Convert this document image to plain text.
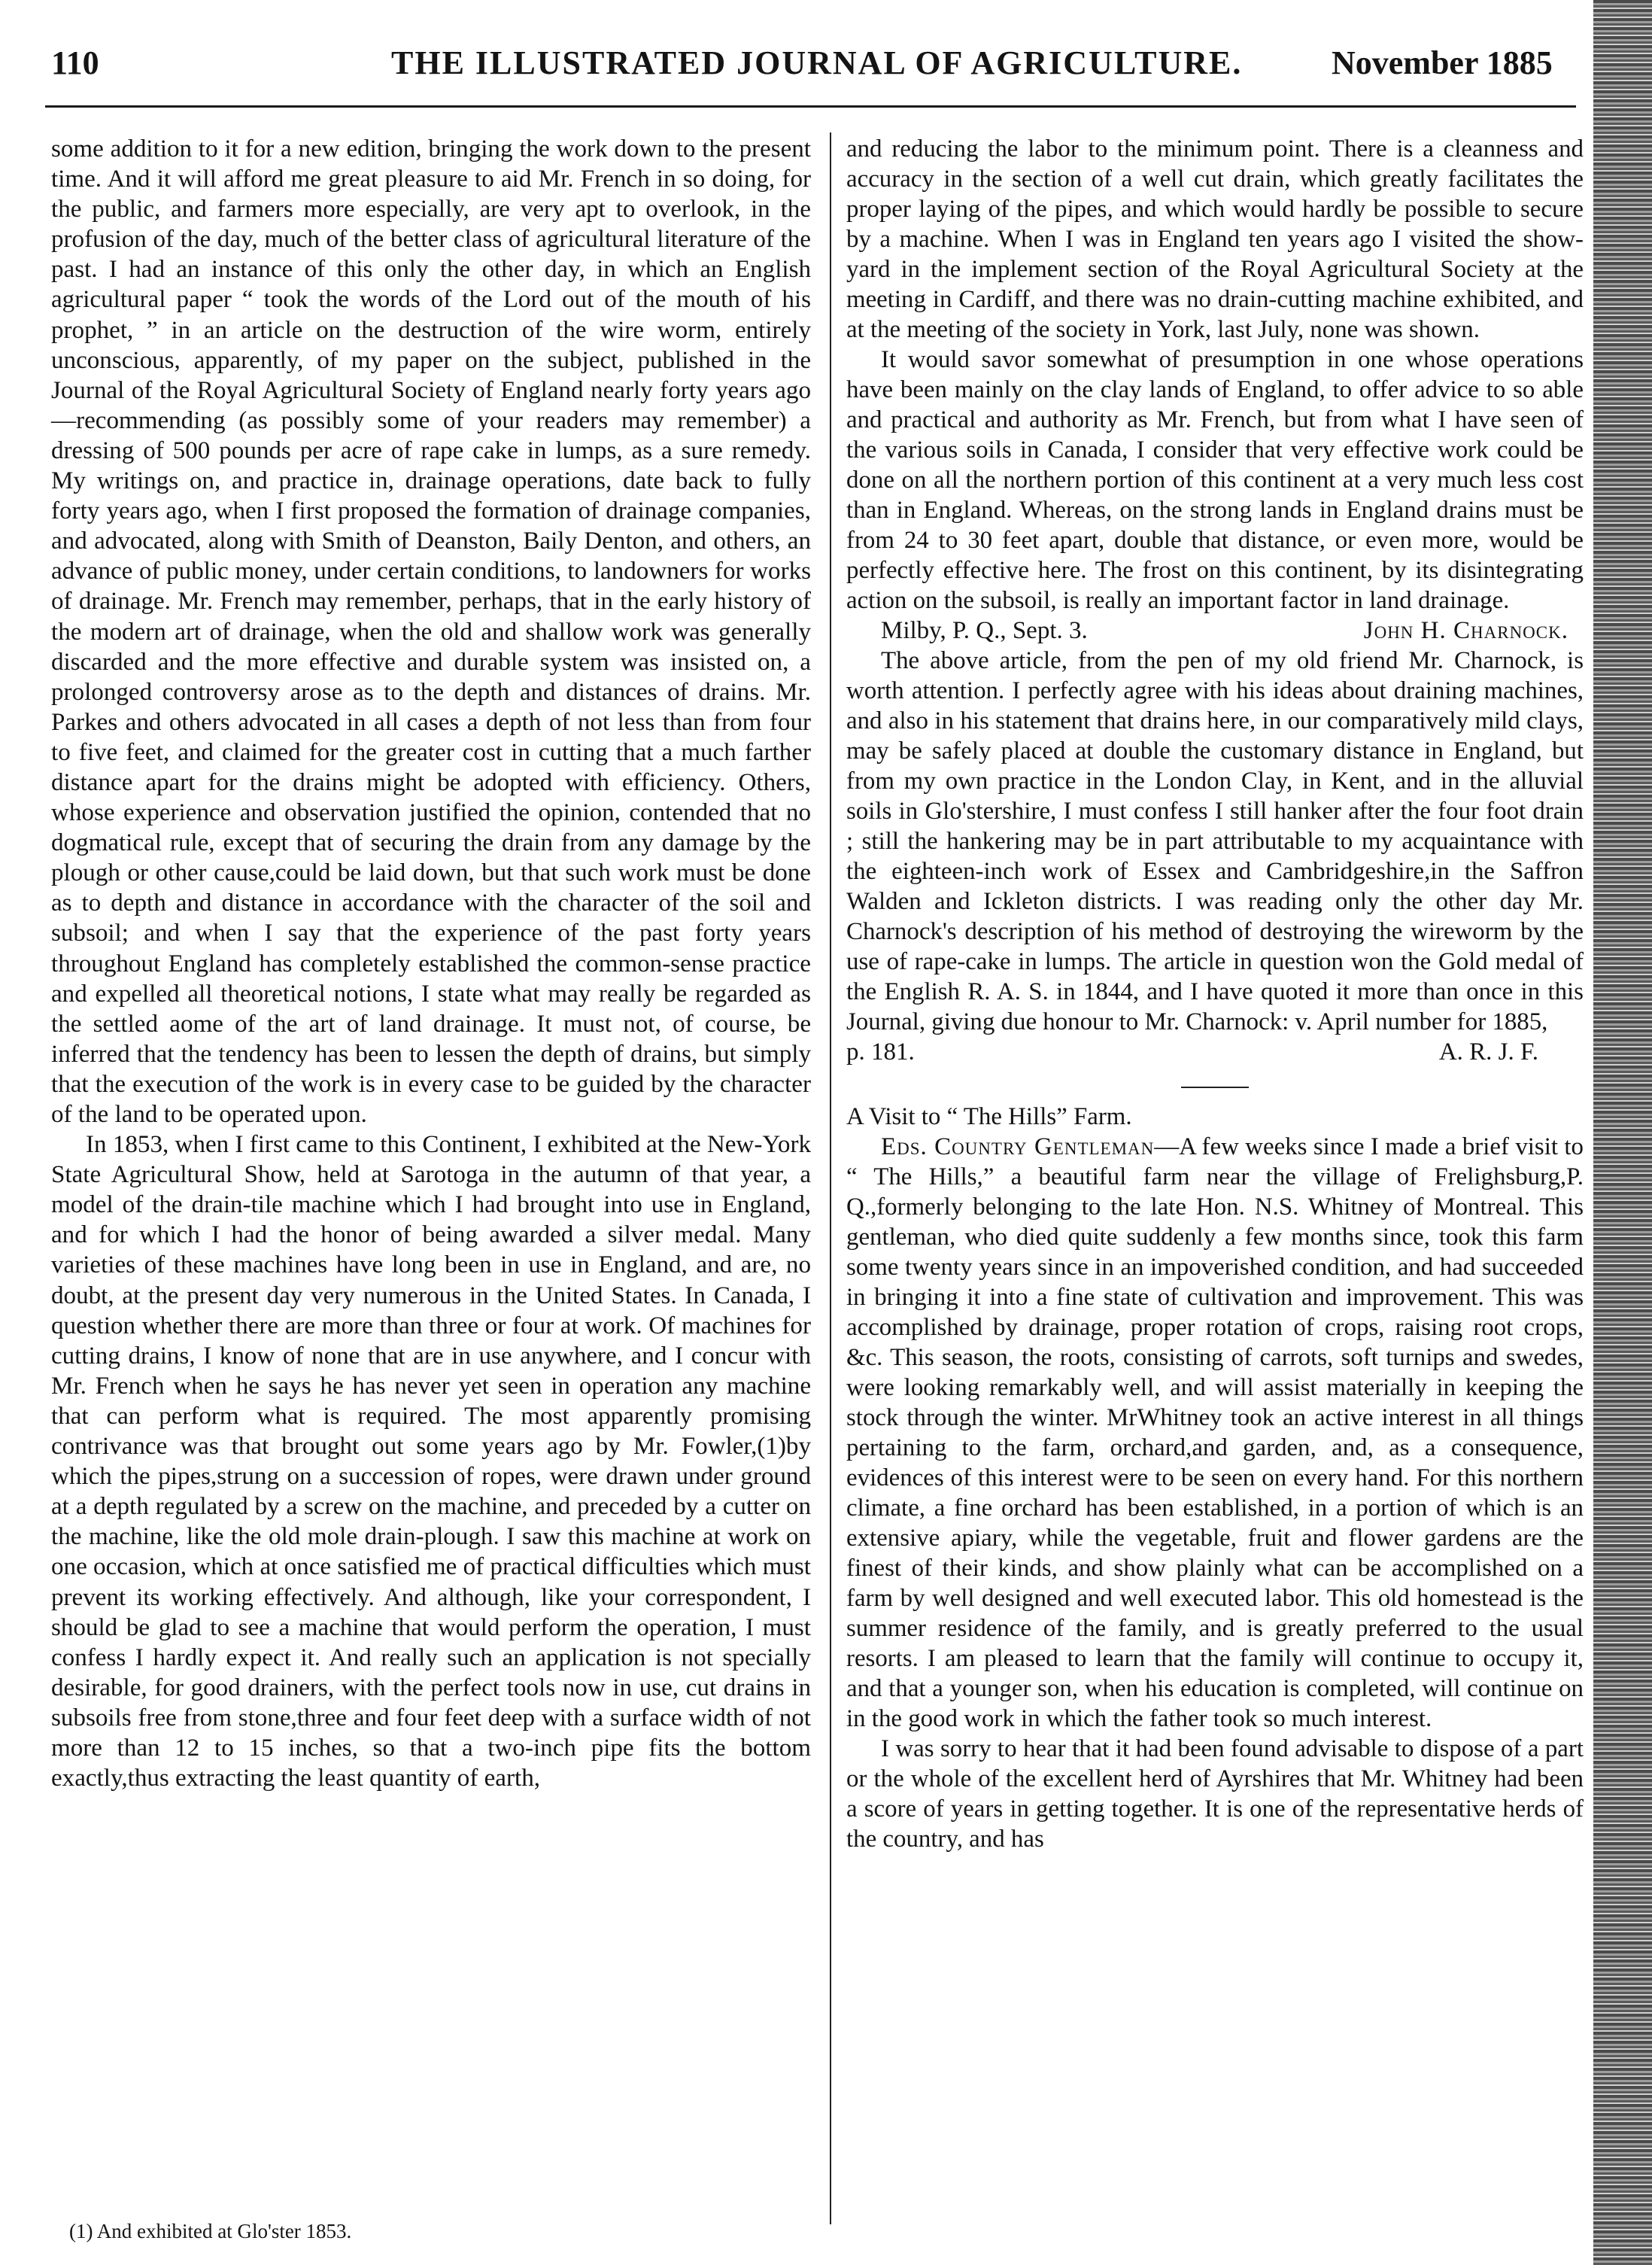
110	THE ILLUSTRATED JOURNAL OF AGRICULTURE.	November 1885

some addition to it for a new edition, bringing the work down to the present time. And it will afford me great pleasure to aid Mr. French in so doing, for the public, and farmers more especially, are very apt to overlook, in the profusion of the day, much of the better class of agricultural literature of the past. I had an instance of this only the other day, in which an English agricultural paper “ took the words of the Lord out of the mouth of his prophet, ” in an article on the destruction of the wire worm, entirely unconscious, apparently, of my paper on the subject, published in the Journal of the Royal Agricultural Society of England nearly forty years ago—recommending (as possibly some of your readers may remember) a dressing of 500 pounds per acre of rape cake in lumps, as a sure remedy. My writings on, and practice in, drainage operations, date back to fully forty years ago, when I first proposed the formation of drainage companies, and advocated, along with Smith of Deanston, Baily Denton, and others, an advance of public money, under certain conditions, to landowners for works of drainage. Mr. French may remember, perhaps, that in the early history of the modern art of drainage, when the old and shallow work was generally discarded and the more effective and durable system was insisted on, a prolonged controversy arose as to the depth and distances of drains. Mr. Parkes and others advocated in all cases a depth of not less than from four to five feet, and claimed for the greater cost in cutting that a much farther distance apart for the drains might be adopted with efficiency. Others, whose experience and observation justified the opinion, contended that no dogmatical rule, except that of securing the drain from any damage by the plough or other cause,could be laid down, but that such work must be done as to depth and distance in accordance with the character of the soil and subsoil; and when I say that the experience of the past forty years throughout England has completely established the common-sense practice and expelled all theoretical notions, I state what may really be regarded as the settled aome of the art of land drainage. It must not, of course, be inferred that the tendency has been to lessen the depth of drains, but simply that the execution of the work is in every case to be guided by the character of the land to be operated upon.

In 1853, when I first came to this Continent, I exhibited at the New-York State Agricultural Show, held at Sarotoga in the autumn of that year, a model of the drain-tile machine which I had brought into use in England, and for which I had the honor of being awarded a silver medal. Many varieties of these machines have long been in use in England, and are, no doubt, at the present day very numerous in the United States. In Canada, I question whether there are more than three or four at work. Of machines for cutting drains, I know of none that are in use anywhere, and I concur with Mr. French when he says he has never yet seen in operation any machine that can perform what is required. The most apparently promising contrivance was that brought out some years ago by Mr. Fowler,(1)by which the pipes,strung on a succession of ropes, were drawn under ground at a depth regulated by a screw on the machine, and preceded by a cutter on the machine, like the old mole drain-plough. I saw this machine at work on one occasion, which at once satisfied me of practical difficulties which must prevent its working effectively. And although, like your correspondent, I should be glad to see a machine that would perform the operation, I must confess I hardly expect it. And really such an application is not specially desirable, for good drainers, with the perfect tools now in use, cut drains in subsoils free from stone,three and four feet deep with a surface width of not more than 12 to 15 inches, so that a two-inch pipe fits the bottom exactly,thus extracting the least quantity of earth,

(1) And exhibited at Glo'ster 1853.

and reducing the labor to the minimum point. There is a cleanness and accuracy in the section of a well cut drain, which greatly facilitates the proper laying of the pipes, and which would hardly be possible to secure by a machine. When I was in England ten years ago I visited the show-yard in the implement section of the Royal Agricultural Society at the meeting in Cardiff, and there was no drain-cutting machine exhibited, and at the meeting of the society in York, last July, none was shown.

It would savor somewhat of presumption in one whose operations have been mainly on the clay lands of England, to offer advice to so able and practical and authority as Mr. French, but from what I have seen of the various soils in Canada, I consider that very effective work could be done on all the northern portion of this continent at a very much less cost than in England. Whereas, on the strong lands in England drains must be from 24 to 30 feet apart, double that distance, or even more, would be perfectly effective here. The frost on this continent, by its disintegrating action on the subsoil, is really an important factor in land drainage.

Milby, P. Q., Sept. 3.	John H. Charnock.

The above article, from the pen of my old friend Mr. Charnock, is worth attention. I perfectly agree with his ideas about draining machines, and also in his statement that drains here, in our comparatively mild clays, may be safely placed at double the customary distance in England, but from my own practice in the London Clay, in Kent, and in the alluvial soils in Glo'stershire, I must confess I still hanker after the four foot drain ; still the hankering may be in part attributable to my acquaintance with the eighteen-inch work of Essex and Cambridgeshire,in the Saffron Walden and Ickleton districts. I was reading only the other day Mr. Charnock's description of his method of destroying the wireworm by the use of rape-cake in lumps. The article in question won the Gold medal of the English R. A. S. in 1844, and I have quoted it more than once in this Journal, giving due honour to Mr. Charnock: v. April number for 1885,

p. 181.	A. R. J. F.

A Visit to “ The Hills” Farm.

Eds. Country Gentleman—A few weeks since I made a brief visit to “ The Hills,” a beautiful farm near the village of Frelighsburg,P. Q.,formerly belonging to the late Hon. N.S. Whitney of Montreal. This gentleman, who died quite suddenly a few months since, took this farm some twenty years since in an impoverished condition, and had succeeded in bringing it into a fine state of cultivation and improvement. This was accomplished by drainage, proper rotation of crops, raising root crops, &c. This season, the roots, consisting of carrots, soft turnips and swedes, were looking remarkably well, and will assist materially in keeping the stock through the winter. MrWhitney took an active interest in all things pertaining to the farm, orchard,and garden, and, as a consequence, evidences of this interest were to be seen on every hand. For this northern climate, a fine orchard has been established, in a portion of which is an extensive apiary, while the vegetable, fruit and flower gardens are the finest of their kinds, and show plainly what can be accomplished on a farm by well designed and well executed labor. This old homestead is the summer residence of the family, and is greatly preferred to the usual resorts. I am pleased to learn that the family will continue to occupy it, and that a younger son, when his education is completed, will continue on in the good work in which the father took so much interest.

I was sorry to hear that it had been found advisable to dispose of a part or the whole of the excellent herd of Ayrshires that Mr. Whitney had been a score of years in getting together. It is one of the representative herds of the country, and has
